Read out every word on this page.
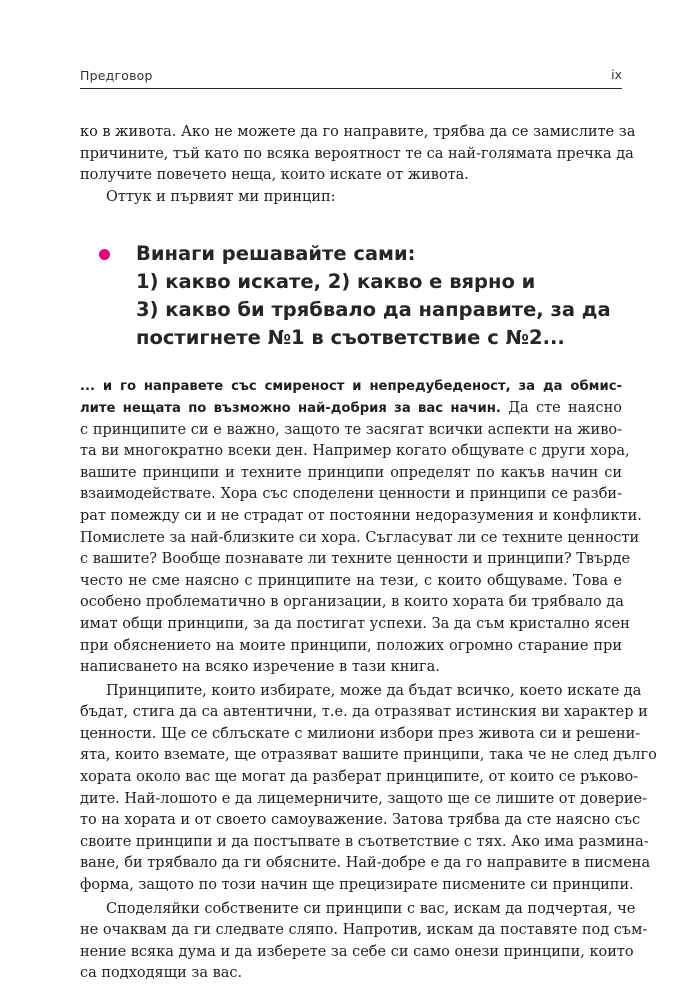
Предговор	ix

ко в живота. Ако не можете да го направите, трябва да се замислите за
причините, тъй като по всяка вероятност те са най-голямата пречка да
получите повечето неща, които искате от живота.

Оттук и първият ми принцип:

Винаги решавайте сами:
1) какво искате, 2) какво е вярно и
3) какво би трябвало да направите, за да
постигнете №1 в съответствие с №2...

... и го направете със смиреност и непредубеденост, за да обмис-
лите нещата по възможно най-добрия за вас начин. Да сте наясно
с принципите си е важно, защото те засягат всички аспекти на живо-
та ви многократно всеки ден. Например когато общувате с други хора,
вашите принципи и техните принципи определят по какъв начин си
взаимодействате. Хора със споделени ценности и принципи се разби-
рат помежду си и не страдат от постоянни недоразумения и конфликти.
Помислете за най-близките си хора. Съгласуват ли се техните ценности
с вашите? Вообще познавате ли техните ценности и принципи? Твърде
често не сме наясно с принципите на тези, с които общуваме. Това е
особено проблематично в организации, в които хората би трябвало да
имат общи принципи, за да постигат успехи. За да съм кристално ясен
при обяснението на моите принципи, положих огромно старание при
написването на всяко изречение в тази книга.

Принципите, които избирате, може да бъдат всичко, което искате да
бъдат, стига да са автентични, т.е. да отразяват истинския ви характер и
ценности. Ще се сблъскате с милиони избори през живота си и решени-
ята, които вземате, ще отразяват вашите принципи, така че не след дълго
хората около вас ще могат да разберат принципите, от които се ръково-
дите. Най-лошото е да лицемерничите, защото ще се лишите от доверие-
то на хората и от своето самоуважение. Затова трябва да сте наясно със
своите принципи и да постъпвате в съответствие с тях. Ако има разминa-
ване, би трябвало да ги обясните. Най-добре е да го направите в писмена
форма, защото по този начин ще прецизирате писмените си принципи.

Споделяйки собствените си принципи с вас, искам да подчертая, че
не очаквам да ги следвате сляпо. Напротив, искам да поставяте под съм-
нение всяка дума и да изберете за себе си само онези принципи, които
са подходящи за вас.
